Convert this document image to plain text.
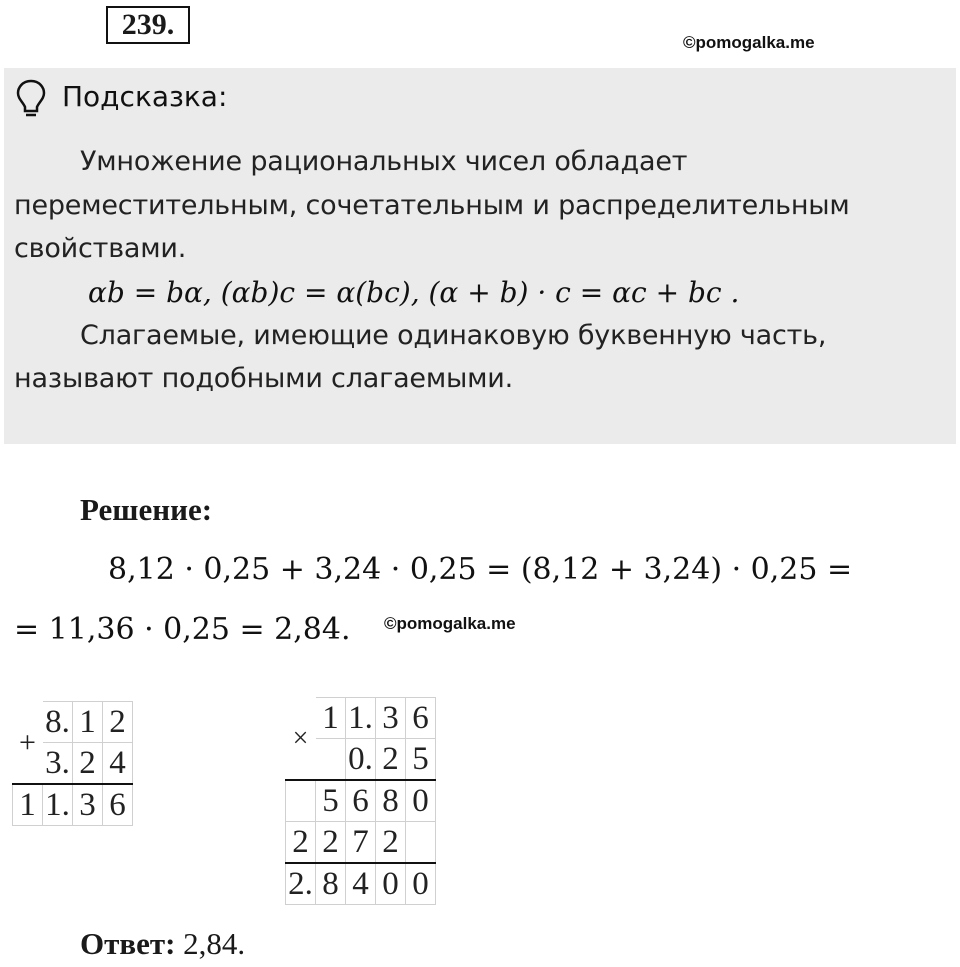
239.
©pomogalka.me
Подсказка:
Умножение рациональных чисел обладает
переместительным, сочетательным и распределительным
свойствами.
αb = bα, (αb)c = α(bc), (α + b) · c = αc + bc .
Слагаемые, имеющие одинаковую буквенную часть,
называют подобными слагаемыми.
Решение:
8,12 · 0,25 + 3,24 · 0,25 = (8,12 + 3,24) · 0,25 =
= 11,36 · 0,25 = 2,84. ©pomogalka.me
+	8.	1	2
	3.	2	4
1	1.	3	6
×	1	1.	3	6
		0.	2	5
	5	6	8	0
2	2	7	2	
2.	8	4	0	0
Ответ: 2,84.
